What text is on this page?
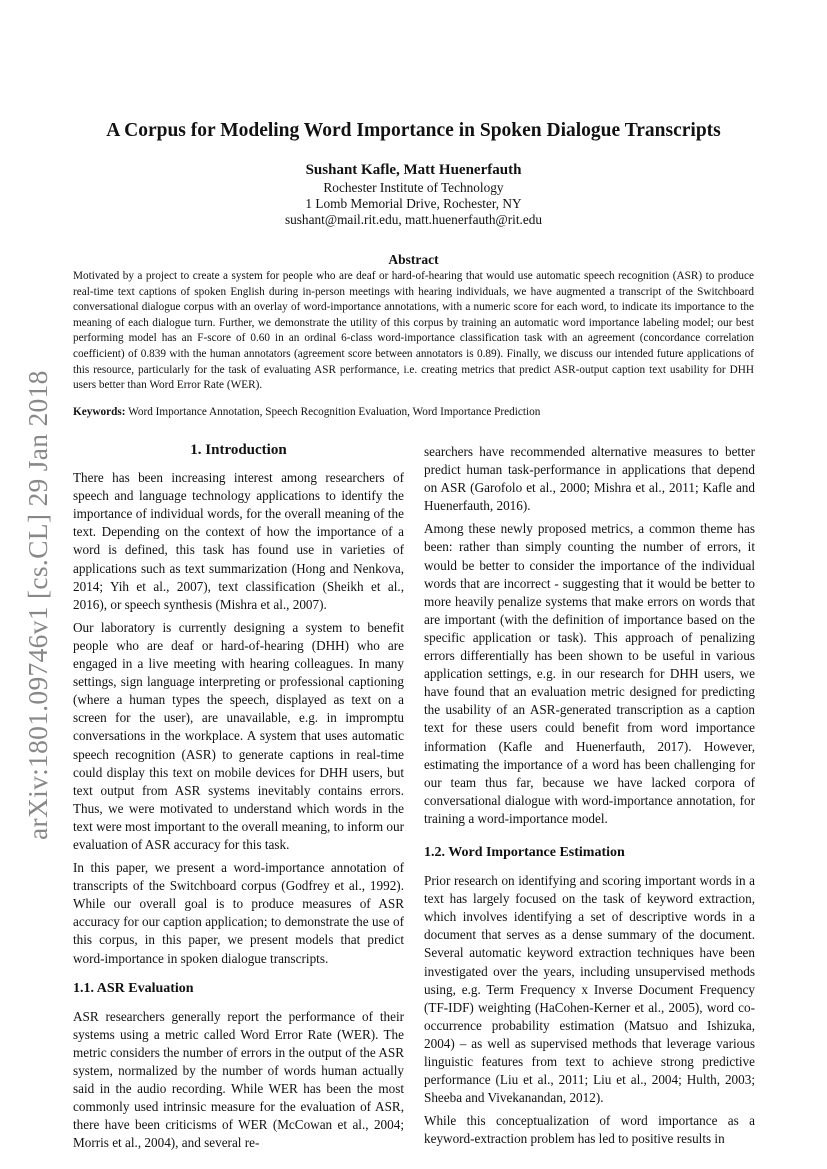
arXiv:1801.09746v1 [cs.CL] 29 Jan 2018
A Corpus for Modeling Word Importance in Spoken Dialogue Transcripts
Sushant Kafle, Matt Huenerfauth
Rochester Institute of Technology
1 Lomb Memorial Drive, Rochester, NY
sushant@mail.rit.edu, matt.huenerfauth@rit.edu
Abstract
Motivated by a project to create a system for people who are deaf or hard-of-hearing that would use automatic speech recognition (ASR) to produce real-time text captions of spoken English during in-person meetings with hearing individuals, we have augmented a transcript of the Switchboard conversational dialogue corpus with an overlay of word-importance annotations, with a numeric score for each word, to indicate its importance to the meaning of each dialogue turn. Further, we demonstrate the utility of this corpus by training an automatic word importance labeling model; our best performing model has an F-score of 0.60 in an ordinal 6-class word-importance classification task with an agreement (concordance correlation coefficient) of 0.839 with the human annotators (agreement score between annotators is 0.89). Finally, we discuss our intended future applications of this resource, particularly for the task of evaluating ASR performance, i.e. creating metrics that predict ASR-output caption text usability for DHH users better than Word Error Rate (WER).
Keywords: Word Importance Annotation, Speech Recognition Evaluation, Word Importance Prediction
1. Introduction

There has been increasing interest among researchers of speech and language technology applications to identify the importance of individual words, for the overall meaning of the text. Depending on the context of how the importance of a word is defined, this task has found use in varieties of applications such as text summarization (Hong and Nenkova, 2014; Yih et al., 2007), text classification (Sheikh et al., 2016), or speech synthesis (Mishra et al., 2007).

Our laboratory is currently designing a system to benefit people who are deaf or hard-of-hearing (DHH) who are engaged in a live meeting with hearing colleagues. In many settings, sign language interpreting or professional captioning (where a human types the speech, displayed as text on a screen for the user), are unavailable, e.g. in impromptu conversations in the workplace. A system that uses automatic speech recognition (ASR) to generate captions in real-time could display this text on mobile devices for DHH users, but text output from ASR systems inevitably contains errors. Thus, we were motivated to understand which words in the text were most important to the overall meaning, to inform our evaluation of ASR accuracy for this task.

In this paper, we present a word-importance annotation of transcripts of the Switchboard corpus (Godfrey et al., 1992). While our overall goal is to produce measures of ASR accuracy for our caption application; to demonstrate the use of this corpus, in this paper, we present models that predict word-importance in spoken dialogue transcripts.

1.1. ASR Evaluation

ASR researchers generally report the performance of their systems using a metric called Word Error Rate (WER). The metric considers the number of errors in the output of the ASR system, normalized by the number of words human actually said in the audio recording. While WER has been the most commonly used intrinsic measure for the evaluation of ASR, there have been criticisms of WER (McCowan et al., 2004; Morris et al., 2004), and several re-

searchers have recommended alternative measures to better predict human task-performance in applications that depend on ASR (Garofolo et al., 2000; Mishra et al., 2011; Kafle and Huenerfauth, 2016).

Among these newly proposed metrics, a common theme has been: rather than simply counting the number of errors, it would be better to consider the importance of the individual words that are incorrect - suggesting that it would be better to more heavily penalize systems that make errors on words that are important (with the definition of importance based on the specific application or task). This approach of penalizing errors differentially has been shown to be useful in various application settings, e.g. in our research for DHH users, we have found that an evaluation metric designed for predicting the usability of an ASR-generated transcription as a caption text for these users could benefit from word importance information (Kafle and Huenerfauth, 2017). However, estimating the importance of a word has been challenging for our team thus far, because we have lacked corpora of conversational dialogue with word-importance annotation, for training a word-importance model.

1.2. Word Importance Estimation

Prior research on identifying and scoring important words in a text has largely focused on the task of keyword extraction, which involves identifying a set of descriptive words in a document that serves as a dense summary of the document. Several automatic keyword extraction techniques have been investigated over the years, including unsupervised methods using, e.g. Term Frequency x Inverse Document Frequency (TF-IDF) weighting (HaCohen-Kerner et al., 2005), word co-occurrence probability estimation (Matsuo and Ishizuka, 2004) – as well as supervised methods that leverage various linguistic features from text to achieve strong predictive performance (Liu et al., 2011; Liu et al., 2004; Hulth, 2003; Sheeba and Vivekanandan, 2012).

While this conceptualization of word importance as a keyword-extraction problem has led to positive results in
